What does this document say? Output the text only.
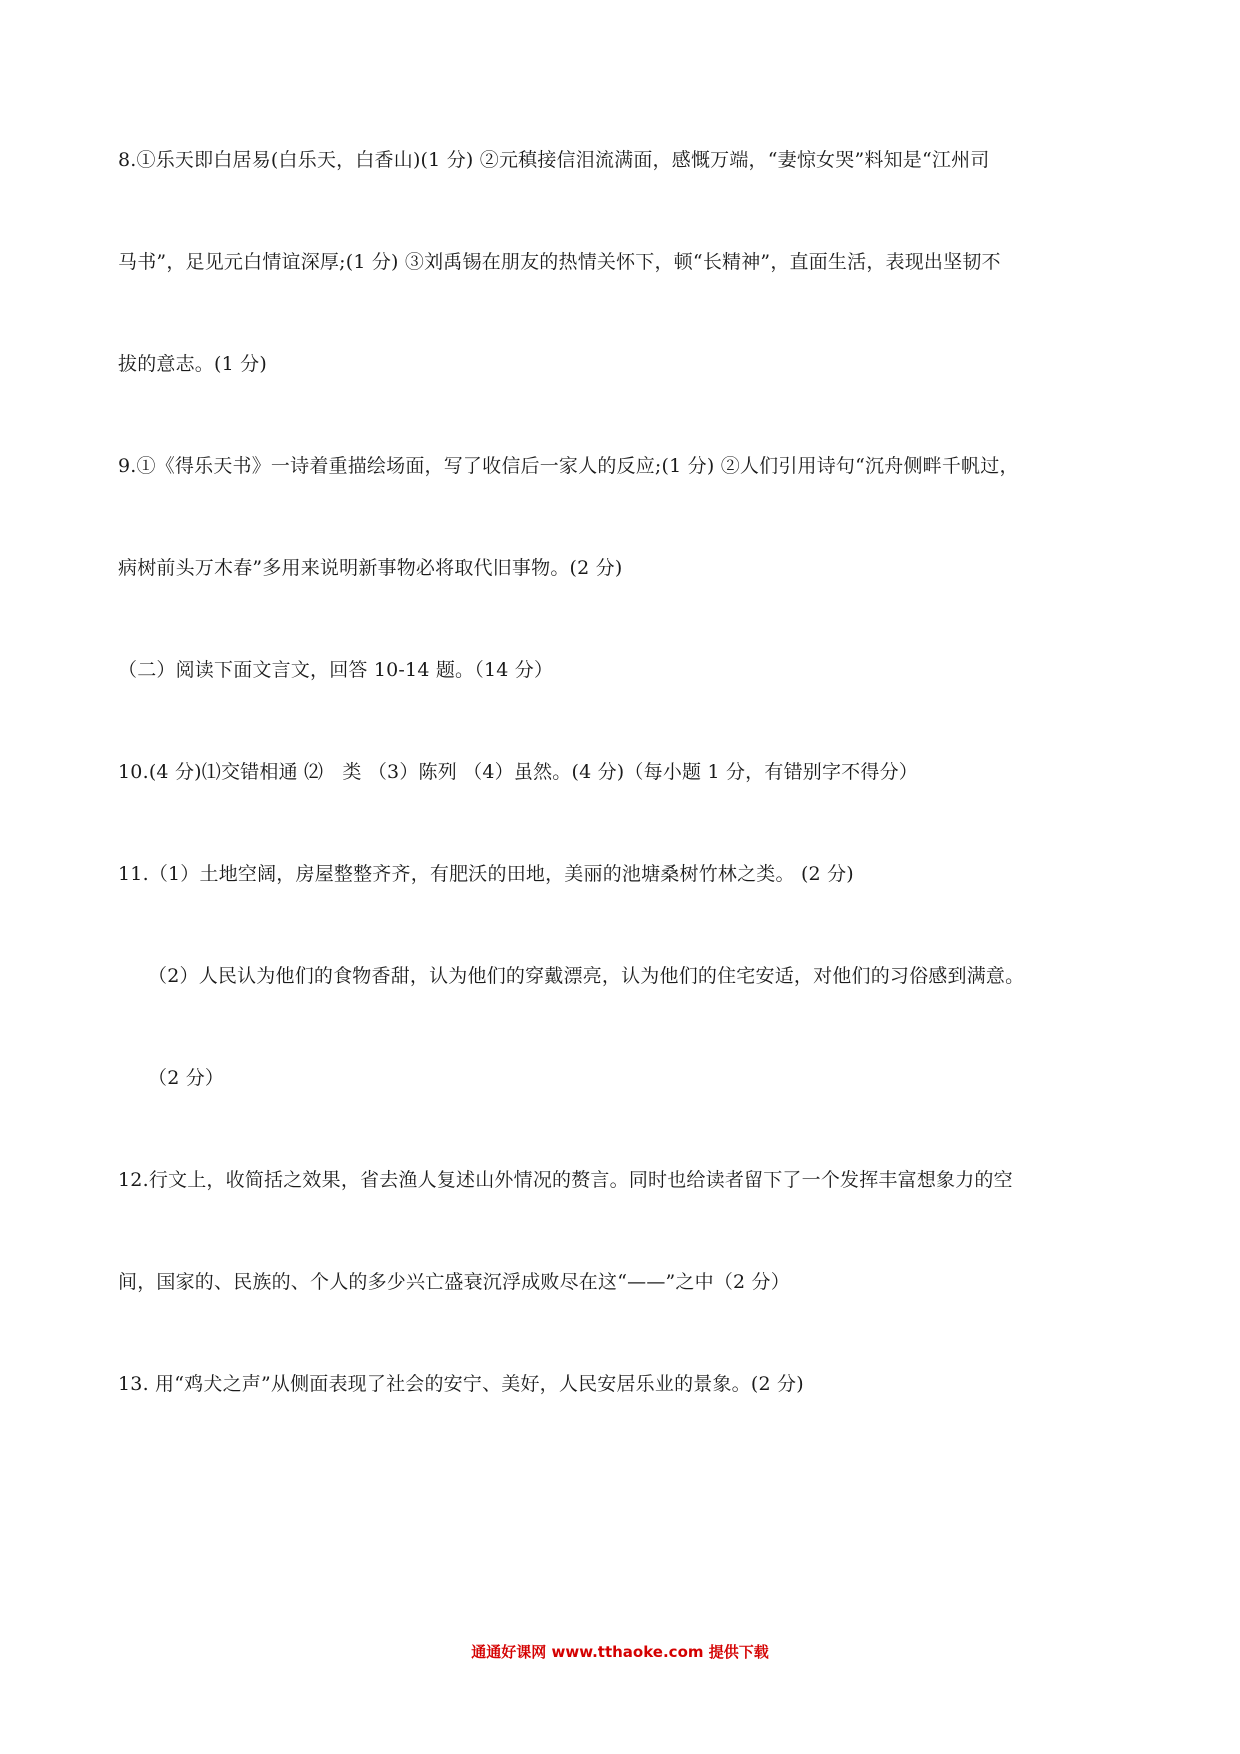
8.①乐天即白居易(白乐天，白香山)(1 分) ②元稹接信泪流满面，感慨万端，“妻惊女哭”料知是“江州司
马书”，足见元白情谊深厚;(1 分) ③刘禹锡在朋友的热情关怀下，顿“长精神”，直面生活，表现出坚韧不
拔的意志。(1 分)
9.①《得乐天书》一诗着重描绘场面，写了收信后一家人的反应;(1 分) ②人们引用诗句“沉舟侧畔千帆过，
病树前头万木春”多用来说明新事物必将取代旧事物。(2 分)
（二）阅读下面文言文，回答 10-14 题。（14 分）
10.(4 分)⑴交错相通 ⑵　类 （3）陈列 （4）虽然。(4 分)（每小题 1 分，有错别字不得分）
11.（1）土地空阔，房屋整整齐齐，有肥沃的田地，美丽的池塘桑树竹林之类。 (2 分)
（2）人民认为他们的食物香甜，认为他们的穿戴漂亮，认为他们的住宅安适，对他们的习俗感到满意。
（2 分）
12.行文上，收简括之效果，省去渔人复述山外情况的赘言。同时也给读者留下了一个发挥丰富想象力的空
间，国家的、民族的、个人的多少兴亡盛衰沉浮成败尽在这“——”之中（2 分）
13. 用“鸡犬之声”从侧面表现了社会的安宁、美好，人民安居乐业的景象。(2 分)
通通好课网 www.tthaoke.com 提供下载
